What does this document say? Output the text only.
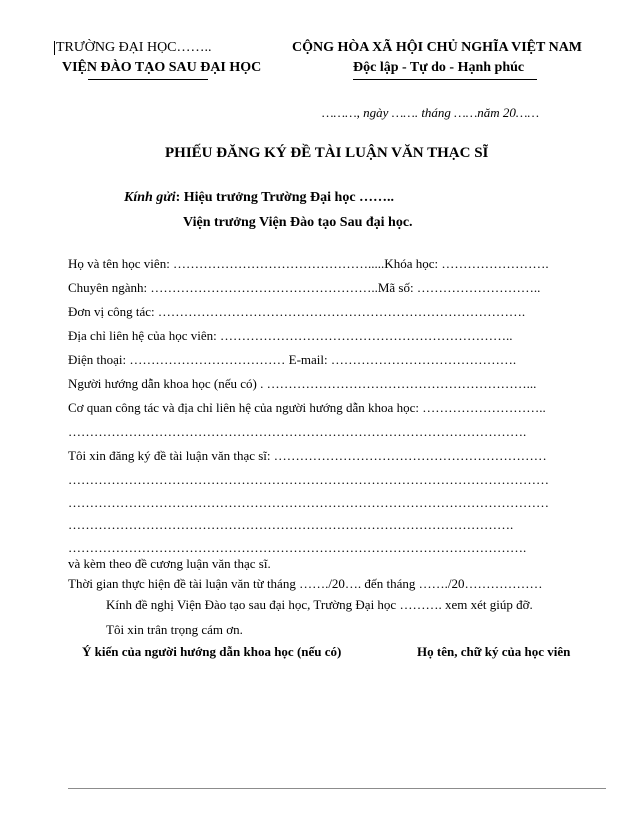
TRƯỜNG ĐẠI HỌC……..
VIỆN ĐÀO TẠO SAU ĐẠI HỌC
CỘNG HÒA XÃ HỘI CHỦ NGHĨA VIỆT NAM
Độc lập - Tự do - Hạnh phúc
………, ngày ……. tháng ……năm 20……
PHIẾU ĐĂNG KÝ ĐỀ TÀI LUẬN VĂN THẠC SĨ
Kính gửi: Hiệu trưởng Trường Đại học ……..
Viện trưởng Viện Đào tạo Sau đại học.
Họ và tên học viên: ……………………………………….....Khóa học: …………………….
Chuyên ngành: ……………………………………………..Mã số: ………………………..
Đơn vị công tác: ………………………………………………………………………….
Địa chỉ liên hệ của học viên: …………………………………………………………..
Điện thoại: ……………………………… E-mail: …………………………………….
Người hướng dẫn khoa học (nếu có) . ……………………………………………………...
Cơ quan công tác và địa chỉ liên hệ của người hướng dẫn khoa học: ………………………..
…………………………………………………………………………………………….
Tôi xin đăng ký đề tài luận văn thạc sĩ: ………………………………………………………
…………………………………………………………………………………………………
…………………………………………………………………………………………………
………………………………………………………………………………………….
…………………………………………………………………………………………….
và kèm theo đề cương luận văn thạc sĩ.
Thời gian thực hiện đề tài luận văn từ tháng ……./20…. đến tháng ……./20………………
Kính đề nghị Viện Đào tạo sau đại học, Trường Đại học ………. xem xét giúp đỡ.
Tôi xin trân trọng cám ơn.
Ý kiến của người hướng dẫn khoa học (nếu có)	Họ tên, chữ ký của học viên
